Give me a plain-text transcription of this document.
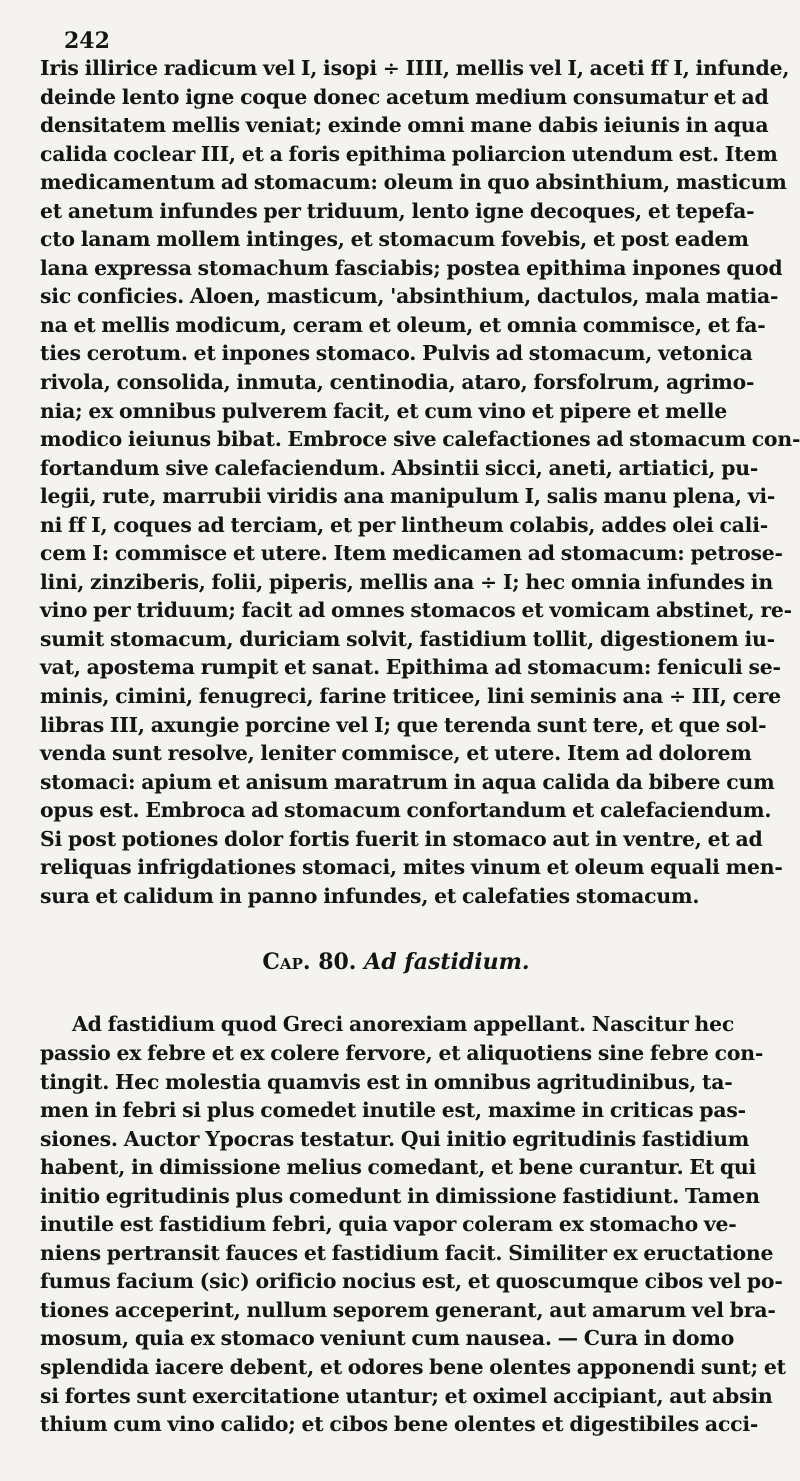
242
Iris illirice radicum vel I, isopi ÷ IIII, mellis vel I, aceti ff I, infunde,
deinde lento igne coque donec acetum medium consumatur et ad
densitatem mellis veniat; exinde omni mane dabis ieiunis in aqua
calida coclear III, et a foris epithima poliarcion utendum est. Item
medicamentum ad stomacum: oleum in quo absinthium, masticum
et anetum infundes per triduum, lento igne decoques, et tepefa-
cto lanam mollem intinges, et stomacum fovebis, et post eadem
lana expressa stomachum fasciabis; postea epithima inpones quod
sic conficies. Aloen, masticum, 'absinthium, dactulos, mala matia-
na et mellis modicum, ceram et oleum, et omnia commisce, et fa-
ties cerotum. et inpones stomaco. Pulvis ad stomacum, vetonica
rivola, consolida, inmuta, centinodia, ataro, forsfolrum, agrimo-
nia; ex omnibus pulverem facit, et cum vino et pipere et melle
modico ieiunus bibat. Embroce sive calefactiones ad stomacum con-
fortandum sive calefaciendum. Absintii sicci, aneti, artiatici, pu-
legii, rute, marrubii viridis ana manipulum I, salis manu plena, vi-
ni ff I, coques ad terciam, et per lintheum colabis, addes olei cali-
cem I: commisce et utere. Item medicamen ad stomacum: petrose-
lini, zinziberis, folii, piperis, mellis ana ÷ I; hec omnia infundes in
vino per triduum; facit ad omnes stomacos et vomicam abstinet, re-
sumit stomacum, duriciam solvit, fastidium tollit, digestionem iu-
vat, apostema rumpit et sanat. Epithima ad stomacum: feniculi se-
minis, cimini, fenugreci, farine triticee, lini seminis ana ÷ III, cere
libras III, axungie porcine vel I; que terenda sunt tere, et que sol-
venda sunt resolve, leniter commisce, et utere. Item ad dolorem
stomaci: apium et anisum maratrum in aqua calida da bibere cum
opus est. Embroca ad stomacum confortandum et calefaciendum.
Si post potiones dolor fortis fuerit in stomaco aut in ventre, et ad
reliquas infrigdationes stomaci, mites vinum et oleum equali men-
sura et calidum in panno infundes, et calefaties stomacum.
Cap. 80. Ad fastidium.
Ad fastidium quod Greci anorexiam appellant. Nascitur hec
passio ex febre et ex colere fervore, et aliquotiens sine febre con-
tingit. Hec molestia quamvis est in omnibus agritudinibus, ta-
men in febri si plus comedet inutile est, maxime in criticas pas-
siones. Auctor Ypocras testatur. Qui initio egritudinis fastidium
habent, in dimissione melius comedant, et bene curantur. Et qui
initio egritudinis plus comedunt in dimissione fastidiunt. Tamen
inutile est fastidium febri, quia vapor coleram ex stomacho ve-
niens pertransit fauces et fastidium facit. Similiter ex eructatione
fumus facium (sic) orificio nocius est, et quoscumque cibos vel po-
tiones acceperint, nullum seporem generant, aut amarum vel bra-
mosum, quia ex stomaco veniunt cum nausea. — Cura in domo
splendida iacere debent, et odores bene olentes apponendi sunt; et
si fortes sunt exercitatione utantur; et oximel accipiant, aut absin
thium cum vino calido; et cibos bene olentes et digestibiles acci-
